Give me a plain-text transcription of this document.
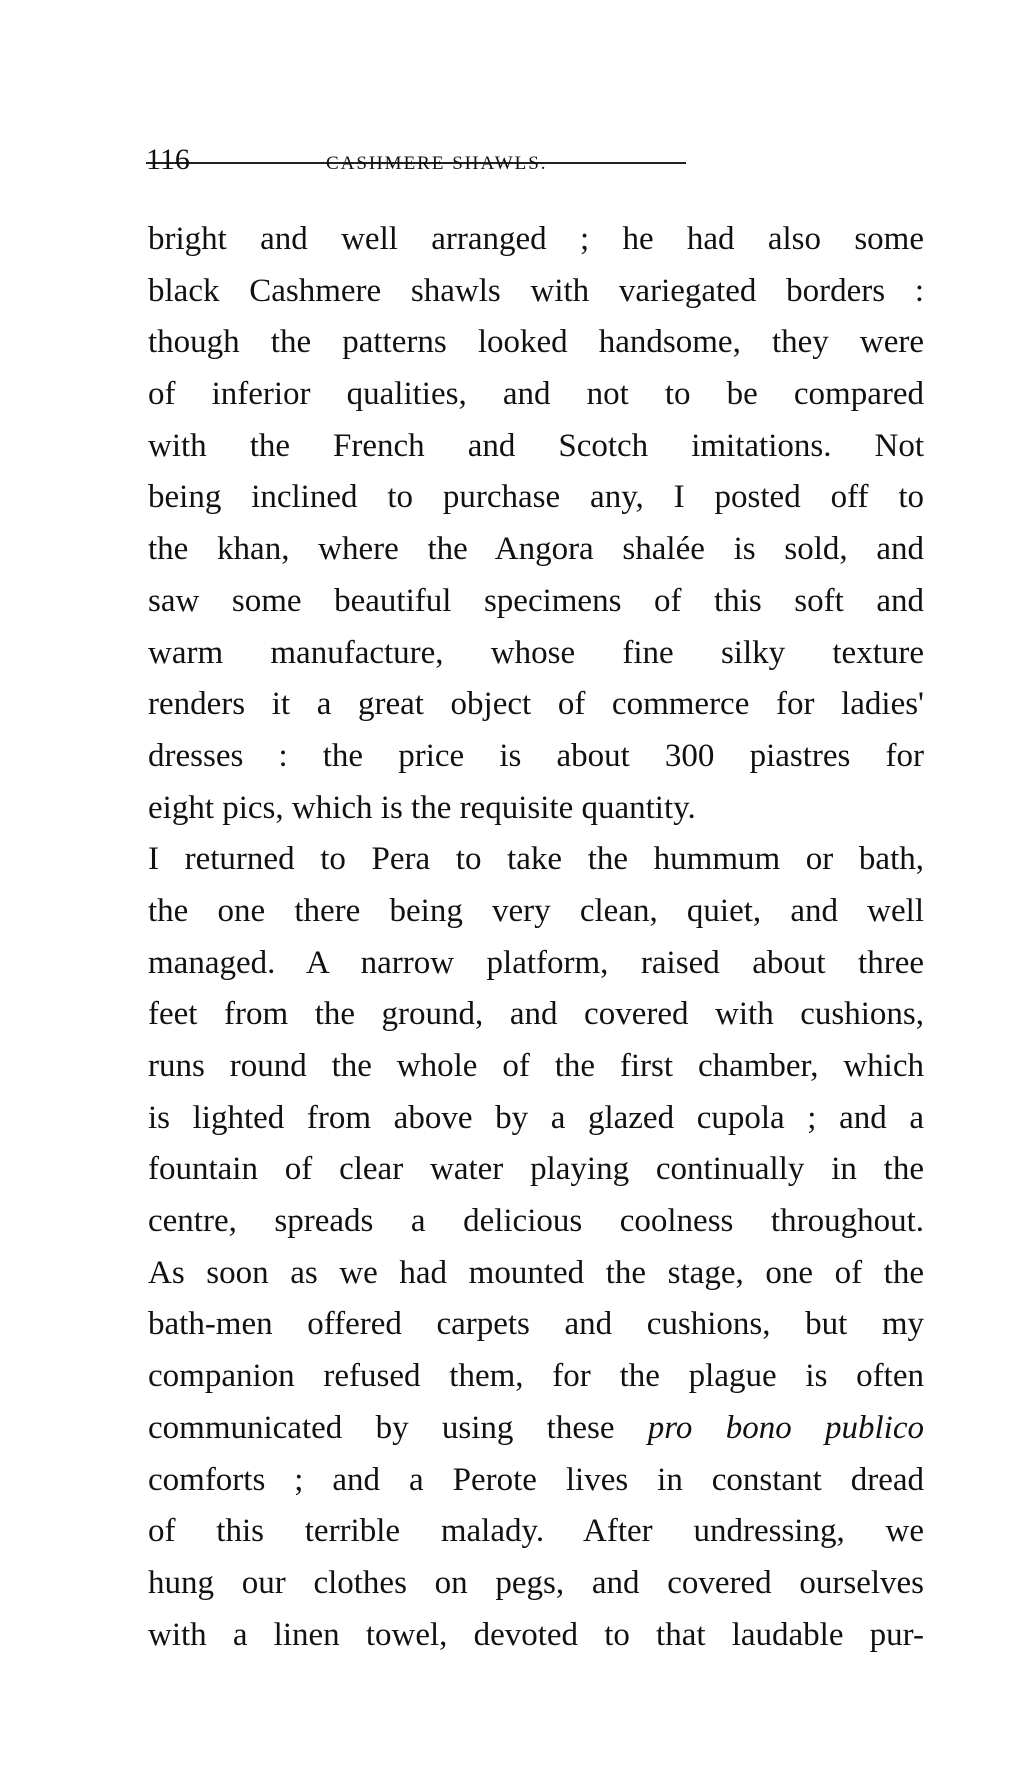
116	CASHMERE SHAWLS.
bright and well arranged ; he had also some
black Cashmere shawls with variegated borders :
though the patterns looked handsome, they were
of inferior qualities, and not to be compared
with the French and Scotch imitations. Not
being inclined to purchase any, I posted off to
the khan, where the Angora shalée is sold, and
saw some beautiful specimens of this soft and
warm manufacture, whose fine silky texture
renders it a great object of commerce for ladies'
dresses : the price is about 300 piastres for
eight pics, which is the requisite quantity.
I returned to Pera to take the hummum or bath,
the one there being very clean, quiet, and well
managed. A narrow platform, raised about three
feet from the ground, and covered with cushions,
runs round the whole of the first chamber, which
is lighted from above by a glazed cupola ; and a
fountain of clear water playing continually in the
centre, spreads a delicious coolness throughout.
As soon as we had mounted the stage, one of the
bath-men offered carpets and cushions, but my
companion refused them, for the plague is often
communicated by using these pro bono publico
comforts ; and a Perote lives in constant dread
of this terrible malady. After undressing, we
hung our clothes on pegs, and covered ourselves
with a linen towel, devoted to that laudable pur-
